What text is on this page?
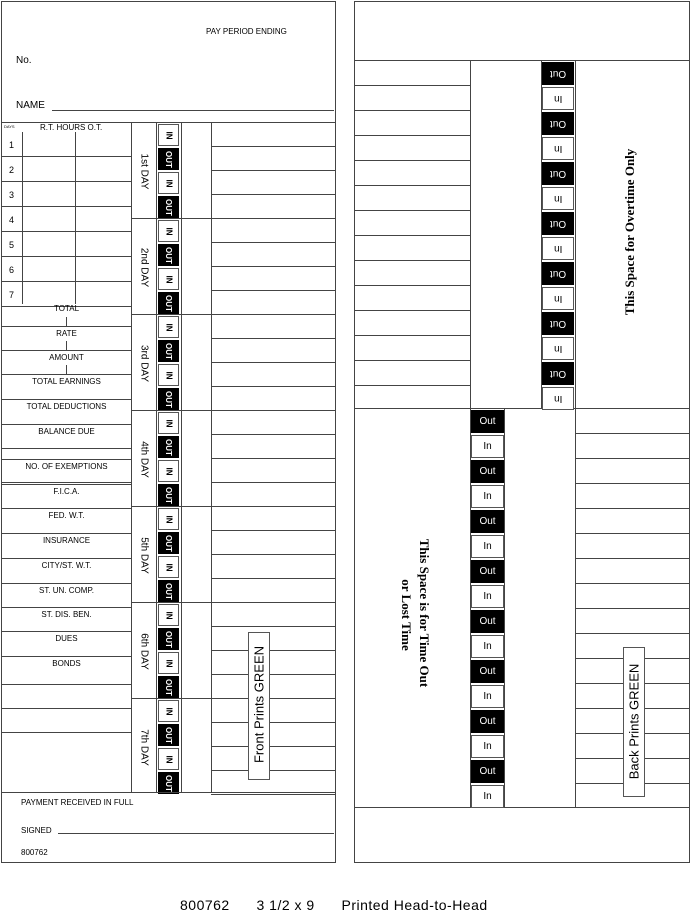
PAY PERIOD ENDING
No.
NAME
DAYS	R.T. HOURS O.T.
1
2
3
4
5
6
7
TOTAL
RATE
AMOUNT
TOTAL EARNINGS
TOTAL DEDUCTIONS
BALANCE DUE
NO. OF EXEMPTIONS
F.I.C.A.
FED. W.T.
INSURANCE
CITY/ST. W.T.
ST. UN. COMP.
ST. DIS. BEN.
DUES
BONDS
1st DAY
IN
OUT
IN
OUT
2nd DAY
IN
OUT
IN
OUT
3rd DAY
IN
OUT
IN
OUT
4th DAY
IN
OUT
IN
OUT
5th DAY
IN
OUT
IN
OUT
6th DAY
IN
OUT
IN
OUT
7th DAY
IN
OUT
IN
OUT
Front Prints GREEN
PAYMENT RECEIVED IN FULL
SIGNED
800762
Out
In
Out
In
Out
In
Out
In
Out
In
Out
In
Out
In
This Space for Overtime Only
Out
In
Out
In
Out
In
Out
In
Out
In
Out
In
Out
In
Out
In
This Space is for Time Out
or Lost Time
Back Prints GREEN
800762 3 1/2 x 9 Printed Head-to-Head
